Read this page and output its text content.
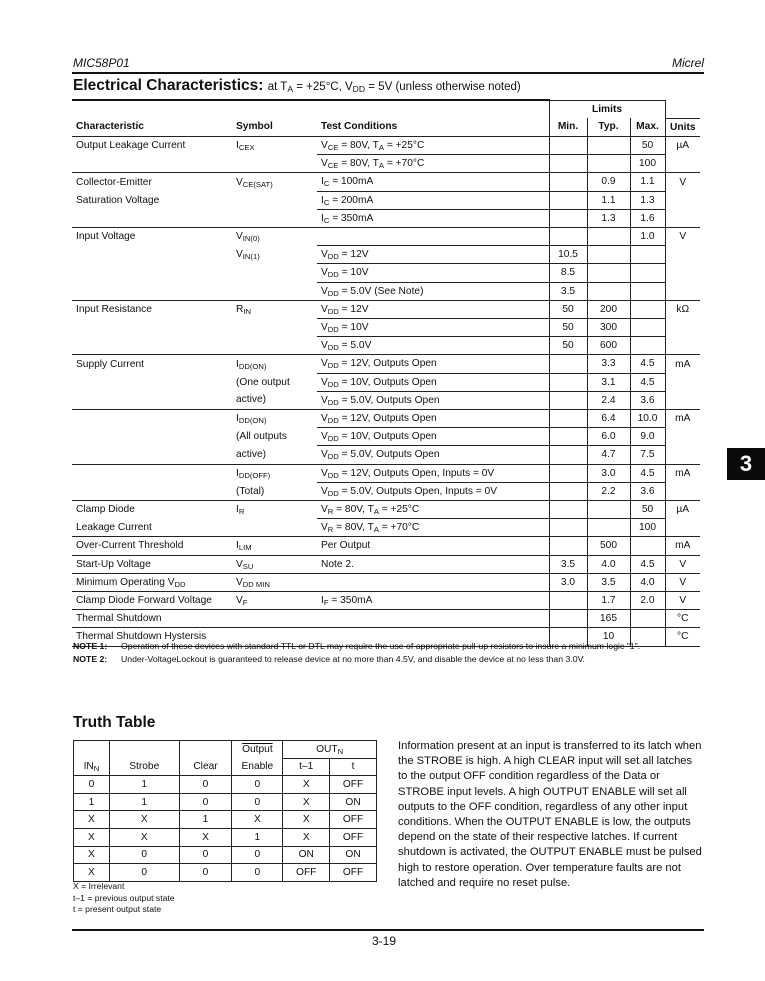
MIC58P01	Micrel
Electrical Characteristics: at $T_A = +25^\circ C$, $V_{DD} = 5V$ (unless otherwise noted)
			Limits			
Characteristic	Symbol	Test Conditions	Min.	Typ.	Max.	Units
Output Leakage Current	$I_{CEX}$	$V_{CE} = 80V$, $T_A = +25^\circ C$			50	µA
		$V_{CE} = 80V$, $T_A = +70^\circ C$			100	
Collector-Emitter	$V_{CE(SAT)}$	$I_C = 100mA$		0.9	1.1	V
Saturation Voltage		$I_C = 200mA$		1.1	1.3	
		$I_C = 350mA$		1.3	1.6	
Input Voltage	$V_{IN(0)}$				1.0	V
	$V_{IN(1)}$	$V_{DD} = 12V$	10.5			
		$V_{DD} = 10V$	8.5			
		$V_{DD} = 5.0V$ (See Note)	3.5			
Input Resistance	$R_{IN}$	$V_{DD} = 12V$	50	200		kΩ
		$V_{DD} = 10V$	50	300		
		$V_{DD} = 5.0V$	50	600		
Supply Current	$I_{DD(ON)}$	$V_{DD} = 12V$, Outputs Open		3.3	4.5	mA
	(One output	$V_{DD} = 10V$, Outputs Open		3.1	4.5	
	active)	$V_{DD} = 5.0V$, Outputs Open		2.4	3.6	
	$I_{DD(ON)}$	$V_{DD} = 12V$, Outputs Open		6.4	10.0	mA
	(All outputs	$V_{DD} = 10V$, Outputs Open		6.0	9.0	
	active)	$V_{DD} = 5.0V$, Outputs Open		4.7	7.5	
	$I_{DD(OFF)}$	$V_{DD} = 12V$, Outputs Open, Inputs = 0V		3.0	4.5	mA
	(Total)	$V_{DD} = 5.0V$, Outputs Open, Inputs = 0V		2.2	3.6	
Clamp Diode	$I_R$	$V_R = 80V$, $T_A = +25^\circ C$			50	µA
Leakage Current		$V_R = 80V$, $T_A = +70^\circ C$			100	
Over-Current Threshold	$I_{LIM}$	Per Output		500		mA
Start-Up Voltage	$V_{SU}$	Note 2.	3.5	4.0	4.5	V
Minimum Operating $V_{DD}$	$V_{DD MIN}$		3.0	3.5	4.0	V
Clamp Diode Forward Voltage	$V_F$	$I_F = 350mA$		1.7	2.0	V
Thermal Shutdown				165		°C
Thermal Shutdown Hystersis				10		°C
NOTE 1: Operation of these devices with standard TTL or DTL may require the use of appropriate pull-up resistors to insure a minimum logic "1".
NOTE 2: Under-VoltageLockout is guaranteed to release device at no more than 4.5V, and disable the device at no less than 3.0V.
Truth Table
			Output	$OUT_N$
$IN_N$	Strobe	Clear	Enable	t–1	t
0	1	0	0	X	OFF
1	1	0	0	X	ON
X	X	1	X	X	OFF
X	X	X	1	X	OFF
X	0	0	0	ON	ON
X	0	0	0	OFF	OFF
X = Irrelevant
t–1 = previous output state
t = present output state
Information present at an input is transferred to its latch when the STROBE is high. A high CLEAR input will set all latches to the output OFF condition regardless of the Data or STROBE input levels. A high OUTPUT ENABLE will set all outputs to the OFF condition, regardless of any other input conditions. When the OUTPUT ENABLE is low, the outputs depend on the state of their respective latches. If current shutdown is activated, the OUTPUT ENABLE must be pulsed high to restore operation. Over temperature faults are not latched and require no reset pulse.
3-19
3
